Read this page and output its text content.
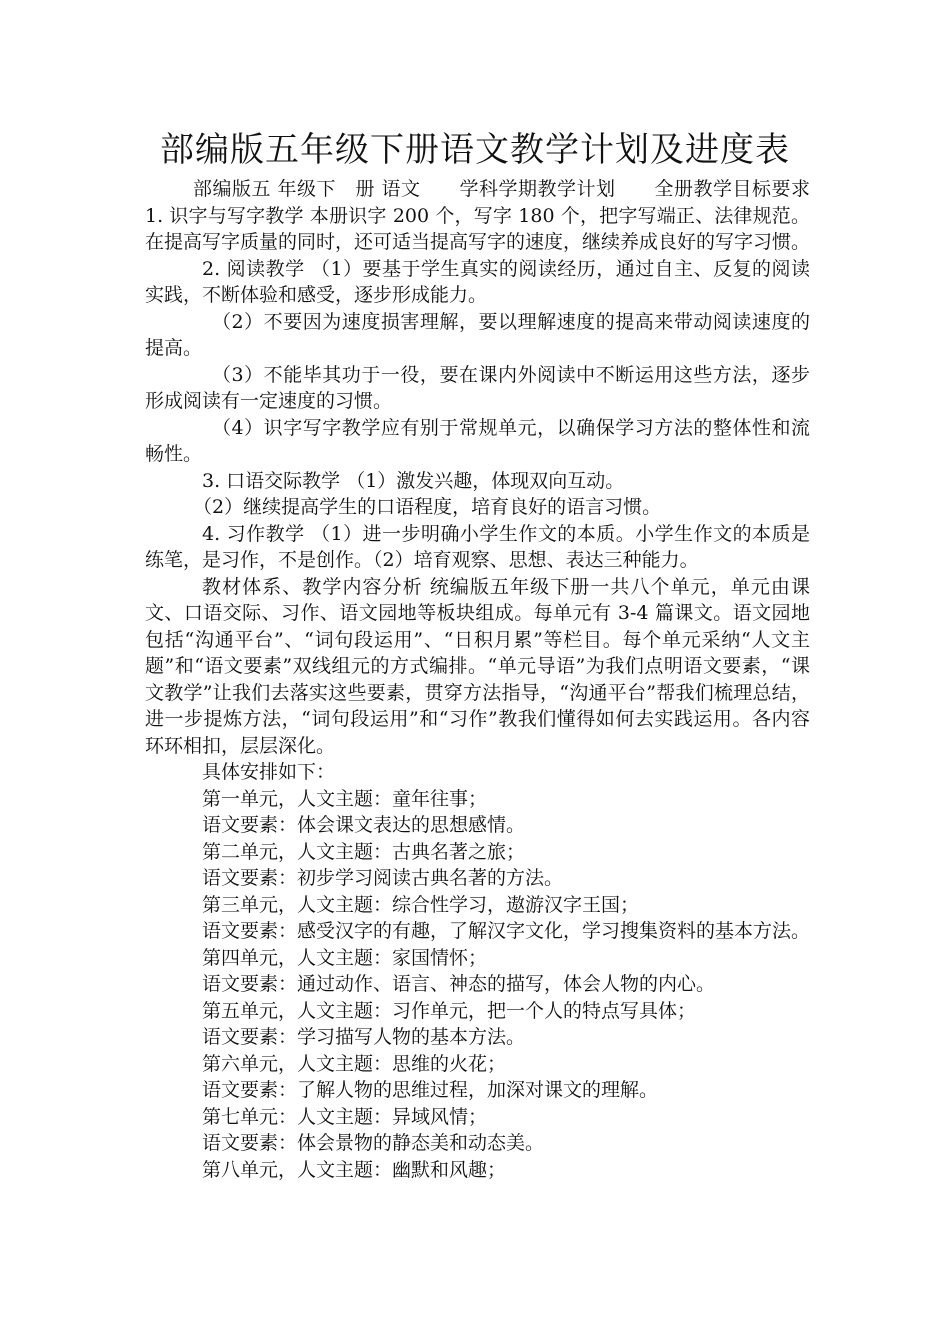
部编版五年级下册语文教学计划及进度表

部编版五 年级下　册 语文　　学科学期教学计划　　全册教学目标要求 1. 识字与写字教学 本册识字 200 个，写字 180 个，把字写端正、法律规范。在提高写字质量的同时，还可适当提高写字的速度，继续养成良好的写字习惯。

2. 阅读教学 （1）要基于学生真实的阅读经历，通过自主、反复的阅读实践，不断体验和感受，逐步形成能力。

（2）不要因为速度损害理解，要以理解速度的提高来带动阅读速度的提高。

（3）不能毕其功于一役，要在课内外阅读中不断运用这些方法，逐步形成阅读有一定速度的习惯。

（4）识字写字教学应有别于常规单元，以确保学习方法的整体性和流畅性。

3. 口语交际教学 （1）激发兴趣，体现双向互动。

（2）继续提高学生的口语程度，培育良好的语言习惯。

4. 习作教学 （1）进一步明确小学生作文的本质。小学生作文的本质是练笔，是习作，不是创作。（2）培育观察、思想、表达三种能力。

教材体系、教学内容分析 统编版五年级下册一共八个单元，单元由课文、口语交际、习作、语文园地等板块组成。每单元有 3-4 篇课文。语文园地包括“沟通平台”、“词句段运用”、“日积月累”等栏目。每个单元采纳“人文主题”和“语文要素”双线组元的方式编排。“单元导语”为我们点明语文要素，“课文教学”让我们去落实这些要素，贯穿方法指导，“沟通平台”帮我们梳理总结，进一步提炼方法，“词句段运用”和“习作”教我们懂得如何去实践运用。各内容环环相扣，层层深化。

具体安排如下：

第一单元，人文主题：童年往事；

语文要素：体会课文表达的思想感情。

第二单元，人文主题：古典名著之旅；

语文要素：初步学习阅读古典名著的方法。

第三单元，人文主题：综合性学习，遨游汉字王国；

语文要素：感受汉字的有趣，了解汉字文化，学习搜集资料的基本方法。

第四单元，人文主题：家国情怀；

语文要素：通过动作、语言、神态的描写，体会人物的内心。

第五单元，人文主题：习作单元，把一个人的特点写具体；

语文要素：学习描写人物的基本方法。

第六单元，人文主题：思维的火花；

语文要素：了解人物的思维过程，加深对课文的理解。

第七单元：人文主题：异域风情；

语文要素：体会景物的静态美和动态美。

第八单元，人文主题：幽默和风趣；
